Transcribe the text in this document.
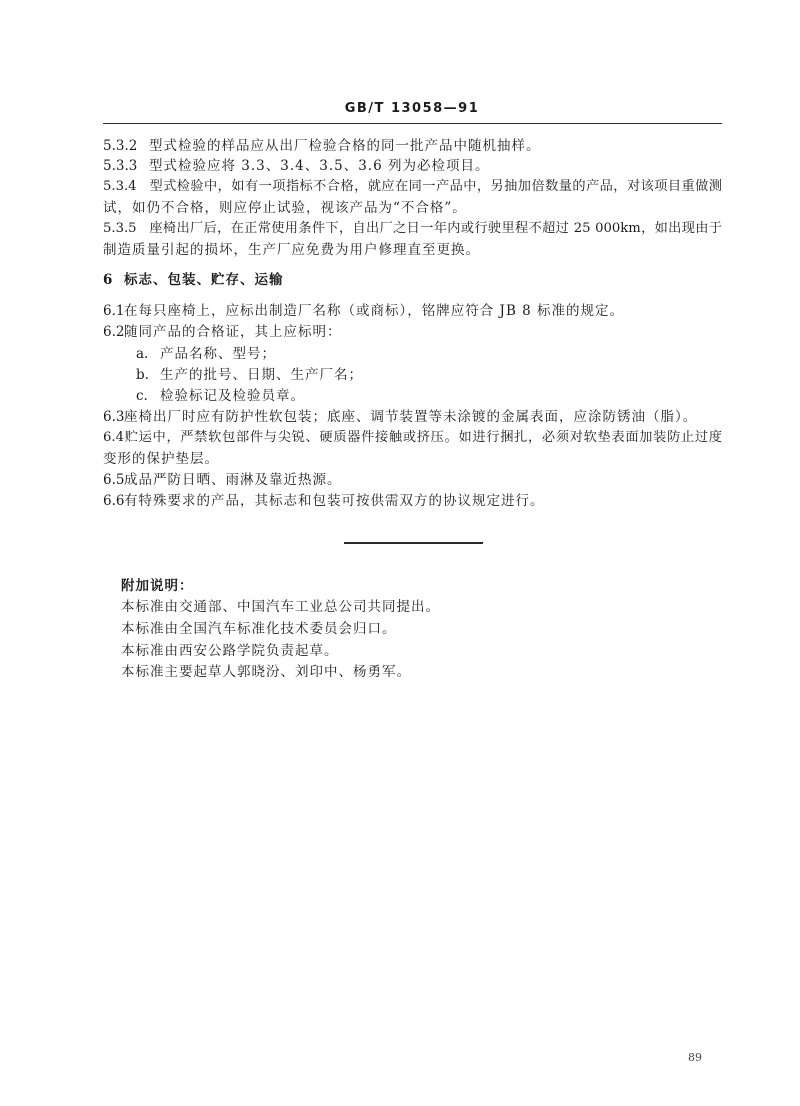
GB/T 13058—91
5.3.2 型式检验的样品应从出厂检验合格的同一批产品中随机抽样。
5.3.3 型式检验应将 3.3、3.4、3.5、3.6 列为必检项目。
5.3.4 型式检验中，如有一项指标不合格，就应在同一产品中，另抽加倍数量的产品，对该项目重做测
试，如仍不合格，则应停止试验，视该产品为“不合格”。
5.3.5 座椅出厂后，在正常使用条件下，自出厂之日一年内或行驶里程不超过 25 000km，如出现由于
制造质量引起的损坏，生产厂应免费为用户修理直至更换。
6 标志、包装、贮存、运输
6.1在每只座椅上，应标出制造厂名称（或商标），铭牌应符合 JB 8 标准的规定。
6.2随同产品的合格证，其上应标明：
a. 产品名称、型号；
b. 生产的批号、日期、生产厂名；
c. 检验标记及检验员章。
6.3座椅出厂时应有防护性软包装；底座、调节装置等未涂镀的金属表面，应涂防锈油（脂）。
6.4贮运中，严禁软包部件与尖锐、硬质器件接触或挤压。如进行捆扎，必须对软垫表面加装防止过度
变形的保护垫层。
6.5成品严防日晒、雨淋及靠近热源。
6.6有特殊要求的产品，其标志和包装可按供需双方的协议规定进行。
附加说明：
本标准由交通部、中国汽车工业总公司共同提出。
本标准由全国汽车标准化技术委员会归口。
本标准由西安公路学院负责起草。
本标准主要起草人郭晓汾、刘印中、杨勇军。
89
